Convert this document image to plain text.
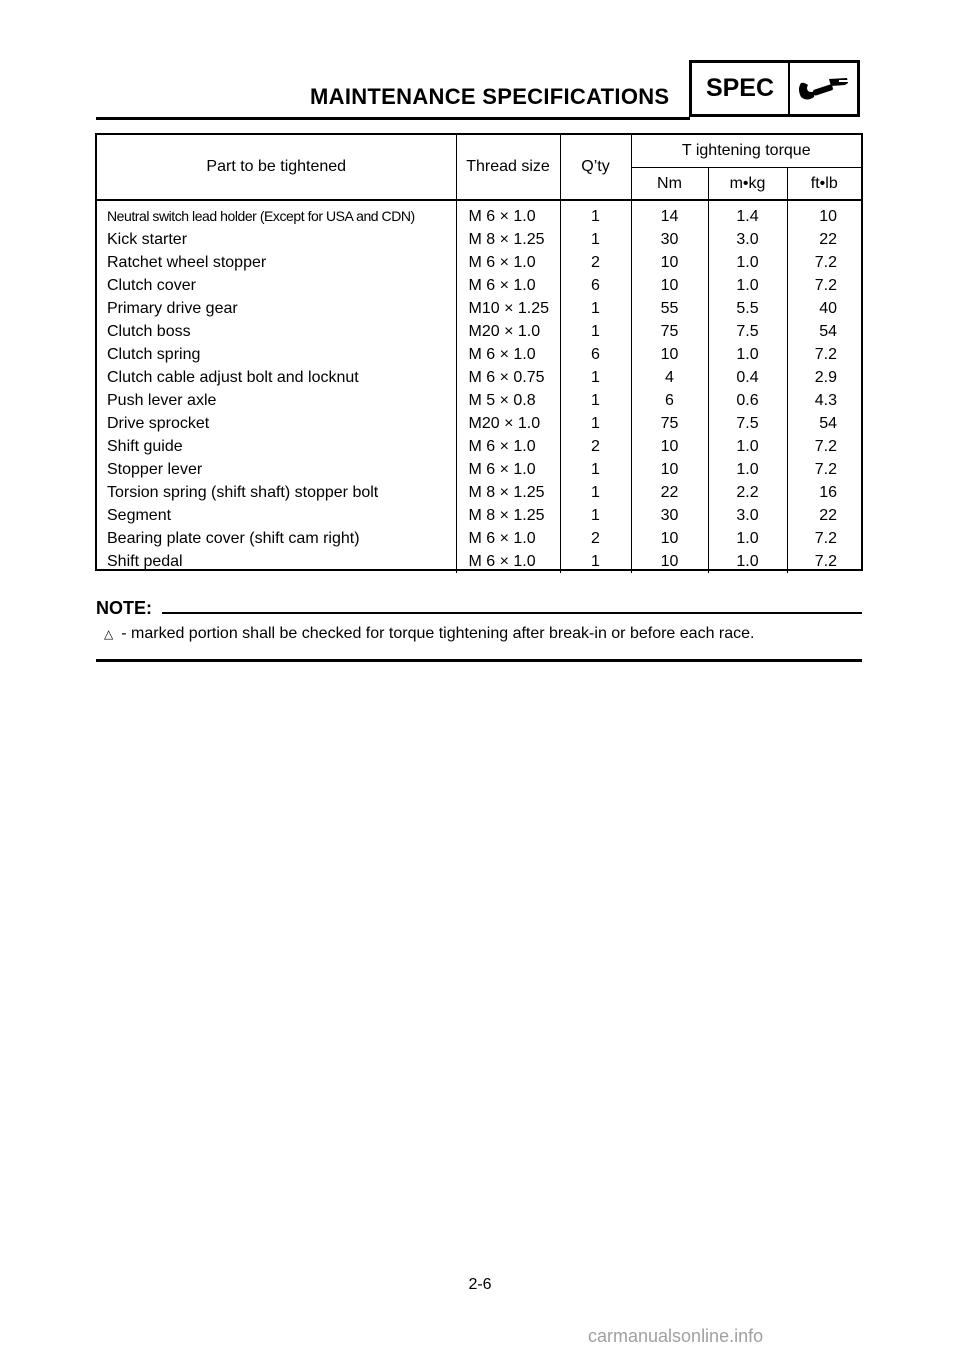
MAINTENANCE SPECIFICATIONS	SPEC
Part to be tightened	Thread size	Q’ty	T ightening torque		
			Nm	m•kg	ft•lb
Neutral switch lead holder (Except for USA and CDN)	M 6 × 1.0	1	14	1.4	10
Kick starter	M 8 × 1.25	1	30	3.0	22
Ratchet wheel stopper	M 6 × 1.0	2	10	1.0	7.2
Clutch cover	M 6 × 1.0	6	10	1.0	7.2
Primary drive gear	M10 × 1.25	1	55	5.5	40
Clutch boss	M20 × 1.0	1	75	7.5	54
Clutch spring	M 6 × 1.0	6	10	1.0	7.2
Clutch cable adjust bolt and locknut	M 6 × 0.75	1	4	0.4	2.9
Push lever axle	M 5 × 0.8	1	6	0.6	4.3
Drive sprocket	M20 × 1.0	1	75	7.5	54
Shift guide	M 6 × 1.0	2	10	1.0	7.2
Stopper lever	M 6 × 1.0	1	10	1.0	7.2
Torsion spring (shift shaft) stopper bolt	M 8 × 1.25	1	22	2.2	16
Segment	M 8 × 1.25	1	30	3.0	22
Bearing plate cover (shift cam right)	M 6 × 1.0	2	10	1.0	7.2
Shift pedal	M 6 × 1.0	1	10	1.0	7.2
NOTE:
△ - marked portion shall be checked for torque tightening after break-in or before each race.
2-6
carmanualsonline.info
